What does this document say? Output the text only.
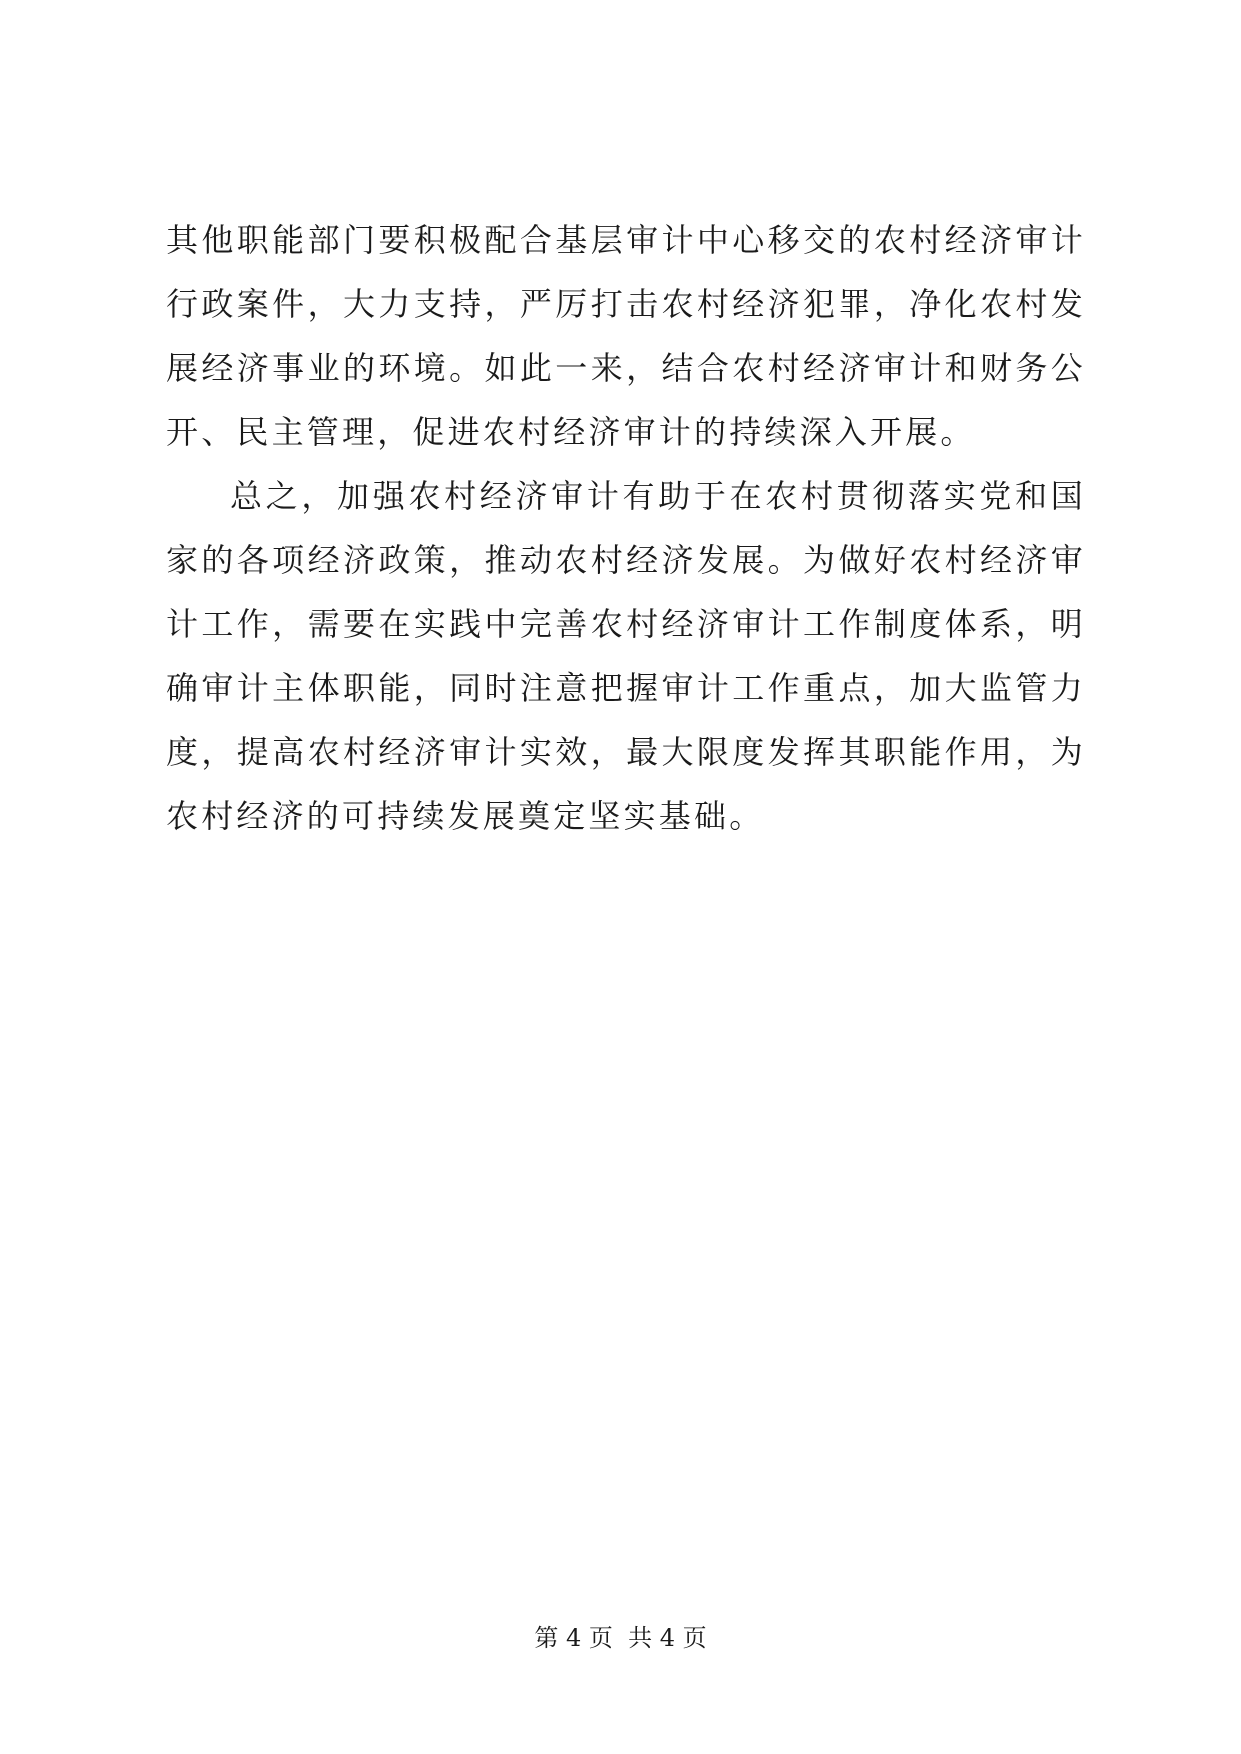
其他职能部门要积极配合基层审计中心移交的农村经济审计行政案件，大力支持，严厉打击农村经济犯罪，净化农村发展经济事业的环境。如此一来，结合农村经济审计和财务公开、民主管理，促进农村经济审计的持续深入开展。

总之，加强农村经济审计有助于在农村贯彻落实党和国家的各项经济政策，推动农村经济发展。为做好农村经济审计工作，需要在实践中完善农村经济审计工作制度体系，明确审计主体职能，同时注意把握审计工作重点，加大监管力度，提高农村经济审计实效，最大限度发挥其职能作用，为农村经济的可持续发展奠定坚实基础。

第 4 页  共 4 页
